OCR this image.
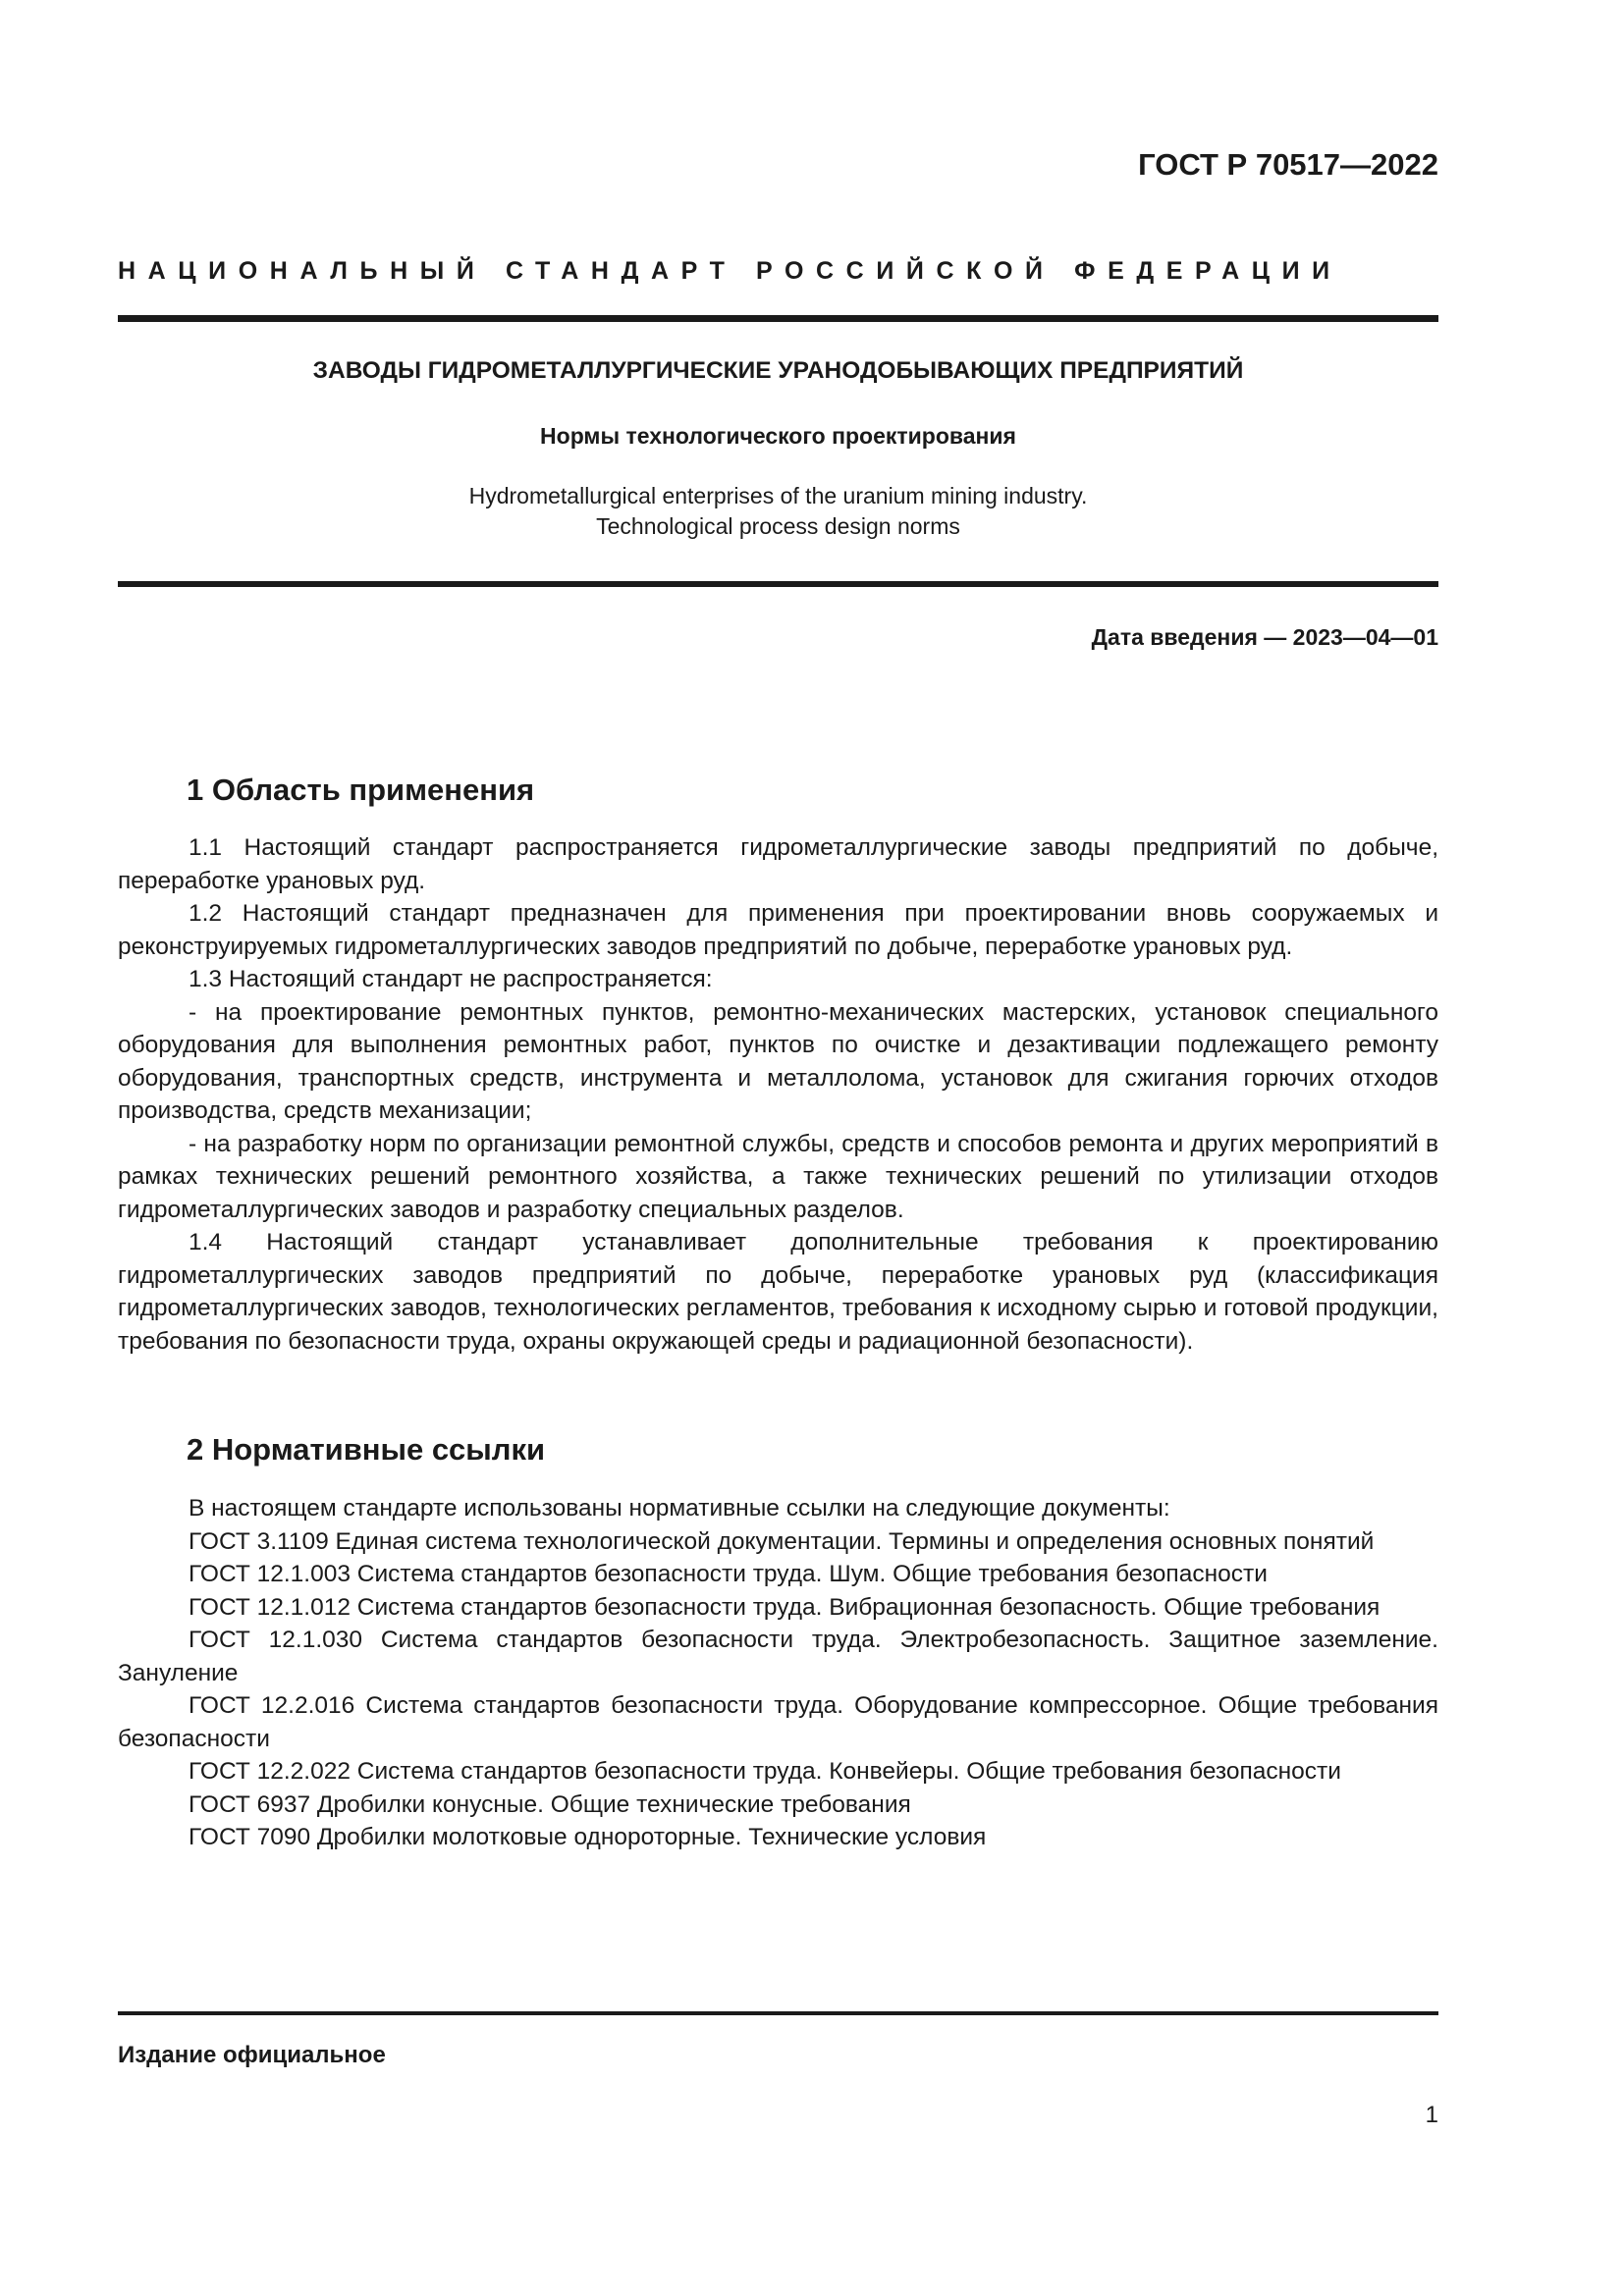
ГОСТ Р 70517—2022
НАЦИОНАЛЬНЫЙ СТАНДАРТ РОССИЙСКОЙ ФЕДЕРАЦИИ
ЗАВОДЫ ГИДРОМЕТАЛЛУРГИЧЕСКИЕ УРАНОДОБЫВАЮЩИХ ПРЕДПРИЯТИЙ
Нормы технологического проектирования
Hydrometallurgical enterprises of the uranium mining industry.
Technological process design norms
Дата введения — 2023—04—01
1 Область применения

1.1 Настоящий стандарт распространяется гидрометаллургические заводы предприятий по добыче, переработке урановых руд.

1.2 Настоящий стандарт предназначен для применения при проектировании вновь сооружаемых и реконструируемых гидрометаллургических заводов предприятий по добыче, переработке урановых руд.

1.3 Настоящий стандарт не распространяется:

- на проектирование ремонтных пунктов, ремонтно-механических мастерских, установок специального оборудования для выполнения ремонтных работ, пунктов по очистке и дезактивации подлежащего ремонту оборудования, транспортных средств, инструмента и металлолома, установок для сжигания горючих отходов производства, средств механизации;

- на разработку норм по организации ремонтной службы, средств и способов ремонта и других мероприятий в рамках технических решений ремонтного хозяйства, а также технических решений по утилизации отходов гидрометаллургических заводов и разработку специальных разделов.

1.4 Настоящий стандарт устанавливает дополнительные требования к проектированию гидрометаллургических заводов предприятий по добыче, переработке урановых руд (классификация гидрометаллургических заводов, технологических регламентов, требования к исходному сырью и готовой продукции, требования по безопасности труда, охраны окружающей среды и радиационной безопасности).

2 Нормативные ссылки

В настоящем стандарте использованы нормативные ссылки на следующие документы:

ГОСТ 3.1109 Единая система технологической документации. Термины и определения основных понятий

ГОСТ 12.1.003 Система стандартов безопасности труда. Шум. Общие требования безопасности

ГОСТ 12.1.012 Система стандартов безопасности труда. Вибрационная безопасность. Общие требования

ГОСТ 12.1.030 Система стандартов безопасности труда. Электробезопасность. Защитное заземление. Зануление

ГОСТ 12.2.016 Система стандартов безопасности труда. Оборудование компрессорное. Общие требования безопасности

ГОСТ 12.2.022 Система стандартов безопасности труда. Конвейеры. Общие требования безопасности

ГОСТ 6937 Дробилки конусные. Общие технические требования

ГОСТ 7090 Дробилки молотковые однороторные. Технические условия

Издание официальное
1
